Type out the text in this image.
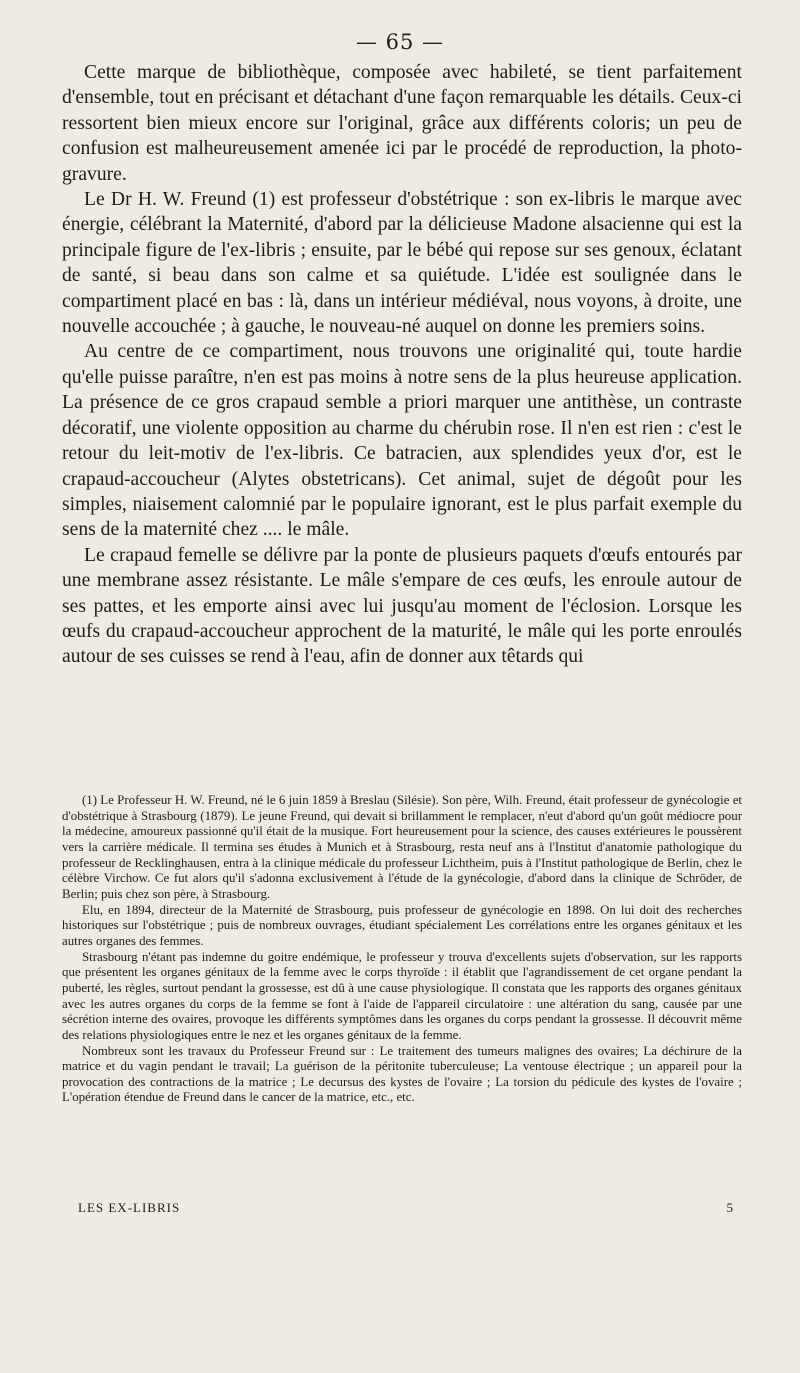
— 65 —

Cette marque de bibliothèque, composée avec habileté, se tient parfaitement d'ensemble, tout en précisant et détachant d'une façon remarquable les détails. Ceux-ci ressortent bien mieux encore sur l'original, grâce aux différents coloris; un peu de confusion est malheureusement amenée ici par le procédé de reproduction, la photo-gravure.

Le Dr H. W. Freund (1) est professeur d'obstétrique : son ex-libris le marque avec énergie, célébrant la Maternité, d'abord par la délicieuse Madone alsacienne qui est la principale figure de l'ex-libris ; ensuite, par le bébé qui repose sur ses genoux, éclatant de santé, si beau dans son calme et sa quiétude. L'idée est soulignée dans le compartiment placé en bas : là, dans un intérieur médiéval, nous voyons, à droite, une nouvelle accouchée ; à gauche, le nouveau-né auquel on donne les premiers soins.

Au centre de ce compartiment, nous trouvons une originalité qui, toute hardie qu'elle puisse paraître, n'en est pas moins à notre sens de la plus heureuse application. La présence de ce gros crapaud semble a priori marquer une antithèse, un contraste décoratif, une violente opposition au charme du chérubin rose. Il n'en est rien : c'est le retour du leit-motiv de l'ex-libris. Ce batracien, aux splendides yeux d'or, est le crapaud-accoucheur (Alytes obstetricans). Cet animal, sujet de dégoût pour les simples, niaisement calomnié par le populaire ignorant, est le plus parfait exemple du sens de la maternité chez .... le mâle.

Le crapaud femelle se délivre par la ponte de plusieurs paquets d'œufs entourés par une membrane assez résistante. Le mâle s'empare de ces œufs, les enroule autour de ses pattes, et les emporte ainsi avec lui jusqu'au moment de l'éclosion. Lorsque les œufs du crapaud-accoucheur approchent de la maturité, le mâle qui les porte enroulés autour de ses cuisses se rend à l'eau, afin de donner aux têtards qui

(1) Le Professeur H. W. Freund, né le 6 juin 1859 à Breslau (Silésie). Son père, Wilh. Freund, était professeur de gynécologie et d'obstétrique à Strasbourg (1879). Le jeune Freund, qui devait si brillamment le remplacer, n'eut d'abord qu'un goût médiocre pour la médecine, amoureux passionné qu'il était de la musique. Fort heureusement pour la science, des causes extérieures le poussèrent vers la carrière médicale. Il termina ses études à Munich et à Strasbourg, resta neuf ans à l'Institut d'anatomie pathologique du professeur de Recklinghausen, entra à la clinique médicale du professeur Lichtheim, puis à l'Institut pathologique de Berlin, chez le célèbre Virchow. Ce fut alors qu'il s'adonna exclusivement à l'étude de la gynécologie, d'abord dans la clinique de Schröder, de Berlin; puis chez son père, à Strasbourg.

Elu, en 1894, directeur de la Maternité de Strasbourg, puis professeur de gynécologie en 1898. On lui doit des recherches historiques sur l'obstétrique ; puis de nombreux ouvrages, étudiant spécialement Les corrélations entre les organes génitaux et les autres organes des femmes.

Strasbourg n'étant pas indemne du goitre endémique, le professeur y trouva d'excellents sujets d'observation, sur les rapports que présentent les organes génitaux de la femme avec le corps thyroïde : il établit que l'agrandissement de cet organe pendant la puberté, les règles, surtout pendant la grossesse, est dû à une cause physiologique. Il constata que les rapports des organes génitaux avec les autres organes du corps de la femme se font à l'aide de l'appareil circulatoire : une altération du sang, causée par une sécrétion interne des ovaires, provoque les différents symptômes dans les organes du corps pendant la grossesse. Il découvrit même des relations physiologiques entre le nez et les organes génitaux de la femme.

Nombreux sont les travaux du Professeur Freund sur : Le traitement des tumeurs malignes des ovaires; La déchirure de la matrice et du vagin pendant le travail; La guérison de la péritonite tuberculeuse; La ventouse électrique ; un appareil pour la provocation des contractions de la matrice ; Le decursus des kystes de l'ovaire ; La torsion du pédicule des kystes de l'ovaire ; L'opération étendue de Freund dans le cancer de la matrice, etc., etc.

LES EX-LIBRIS	5
